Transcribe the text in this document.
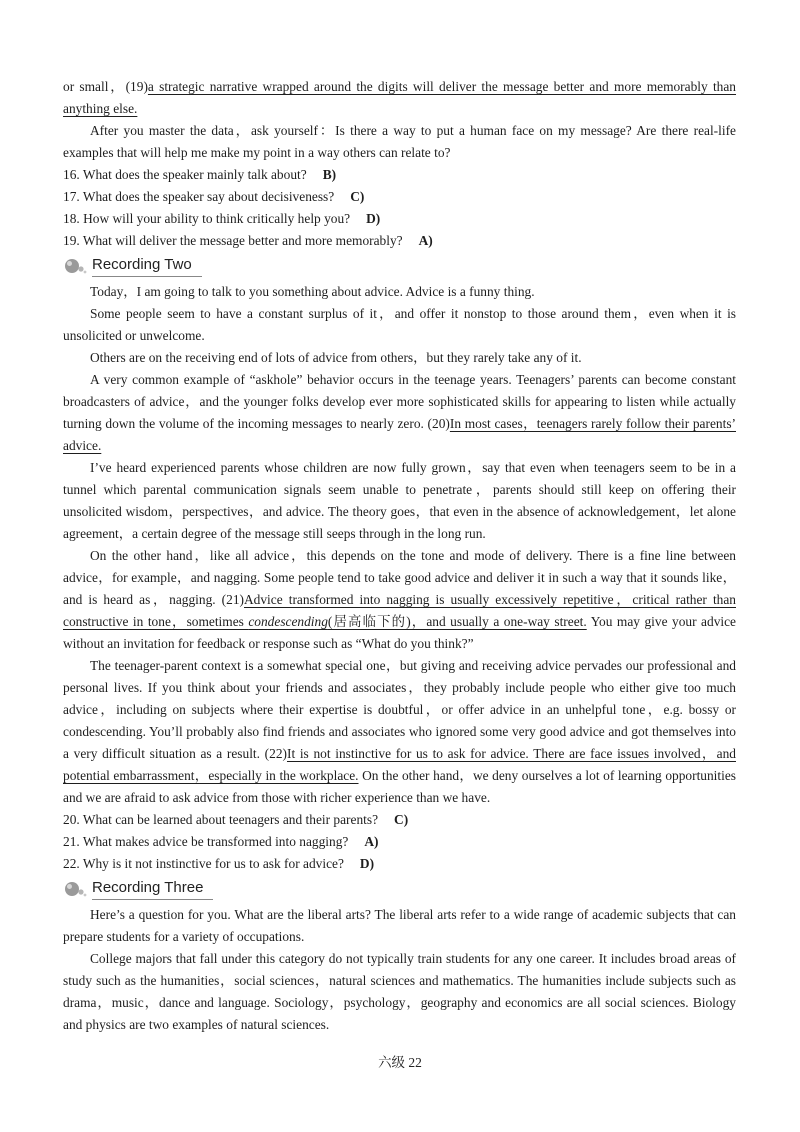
or small，(19)a strategic narrative wrapped around the digits will deliver the message better and more memorably than anything else.

After you master the data，ask yourself：Is there a way to put a human face on my message? Are there real-life examples that will help me make my point in a way others can relate to?

16. What does the speaker mainly talk about? B)
17. What does the speaker say about decisiveness? C)
18. How will your ability to think critically help you? D)
19. What will deliver the message better and more memorably? A)
Recording Two

Today，I am going to talk to you something about advice. Advice is a funny thing.

Some people seem to have a constant surplus of it，and offer it nonstop to those around them，even when it is unsolicited or unwelcome.

Others are on the receiving end of lots of advice from others，but they rarely take any of it.

A very common example of “askhole” behavior occurs in the teenage years. Teenagers’ parents can become constant broadcasters of advice，and the younger folks develop ever more sophisticated skills for appearing to listen while actually turning down the volume of the incoming messages to nearly zero. (20)In most cases，teenagers rarely follow their parents’ advice.

I’ve heard experienced parents whose children are now fully grown，say that even when teenagers seem to be in a tunnel which parental communication signals seem unable to penetrate，parents should still keep on offering their unsolicited wisdom，perspectives，and advice. The theory goes，that even in the absence of acknowledgement，let alone agreement，a certain degree of the message still seeps through in the long run.

On the other hand，like all advice，this depends on the tone and mode of delivery. There is a fine line between advice，for example，and nagging. Some people tend to take good advice and deliver it in such a way that it sounds like，and is heard as，nagging. (21)Advice transformed into nagging is usually excessively repetitive，critical rather than constructive in tone，sometimes condescending(居高临下的)，and usually a one-way street. You may give your advice without an invitation for feedback or response such as “What do you think?”

The teenager-parent context is a somewhat special one，but giving and receiving advice pervades our professional and personal lives. If you think about your friends and associates，they probably include people who either give too much advice，including on subjects where their expertise is doubtful，or offer advice in an unhelpful tone，e.g. bossy or condescending. You’ll probably also find friends and associates who ignored some very good advice and got themselves into a very difficult situation as a result. (22)It is not instinctive for us to ask for advice. There are face issues involved，and potential embarrassment，especially in the workplace. On the other hand，we deny ourselves a lot of learning opportunities and we are afraid to ask advice from those with richer experience than we have.

20. What can be learned about teenagers and their parents? C)
21. What makes advice be transformed into nagging? A)
22. Why is it not instinctive for us to ask for advice? D)
Recording Three

Here’s a question for you. What are the liberal arts? The liberal arts refer to a wide range of academic subjects that can prepare students for a variety of occupations.

College majors that fall under this category do not typically train students for any one career. It includes broad areas of study such as the humanities，social sciences，natural sciences and mathematics. The humanities include subjects such as drama，music，dance and language. Sociology，psychology，geography and economics are all social sciences. Biology and physics are two examples of natural sciences.

六级 22
